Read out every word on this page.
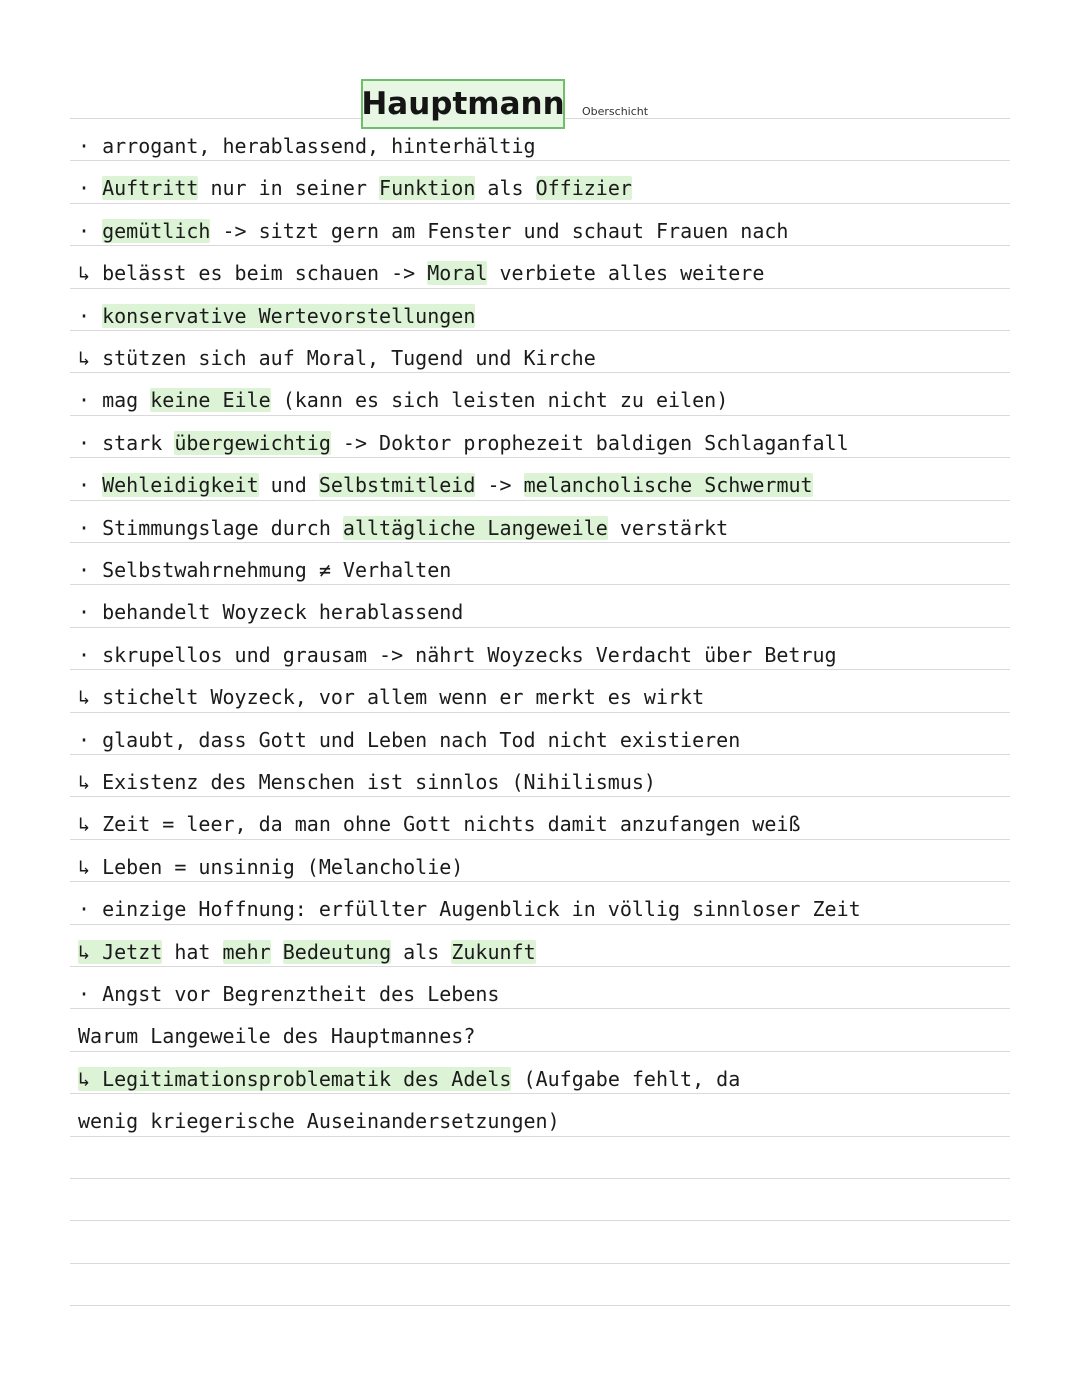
Hauptmann Oberschicht
· arrogant, herablassend, hinterhältig
· Auftritt nur in seiner Funktion als Offizier
· gemütlich -> sitzt gern am Fenster und schaut Frauen nach
↳ belässt es beim schauen -> Moral verbiete alles weitere
· konservative Wertevorstellungen
↳ stützen sich auf Moral, Tugend und Kirche
· mag keine Eile (kann es sich leisten nicht zu eilen)
· stark übergewichtig -> Doktor prophezeit baldigen Schlaganfall
· Wehleidigkeit und Selbstmitleid -> melancholische Schwermut
· Stimmungslage durch alltägliche Langeweile verstärkt
· Selbstwahrnehmung ≠ Verhalten
· behandelt Woyzeck herablassend
· skrupellos und grausam -> nährt Woyzecks Verdacht über Betrug
↳ stichelt Woyzeck, vor allem wenn er merkt es wirkt
· glaubt, dass Gott und Leben nach Tod nicht existieren
↳ Existenz des Menschen ist sinnlos (Nihilismus)
↳ Zeit = leer, da man ohne Gott nichts damit anzufangen weiß
↳ Leben = unsinnig (Melancholie)
· einzige Hoffnung: erfüllter Augenblick in völlig sinnloser Zeit
↳ Jetzt hat mehr Bedeutung als Zukunft
· Angst vor Begrenztheit des Lebens
Warum Langeweile des Hauptmannes?
↳ Legitimationsproblematik des Adels (Aufgabe fehlt, da
wenig kriegerische Auseinandersetzungen)
